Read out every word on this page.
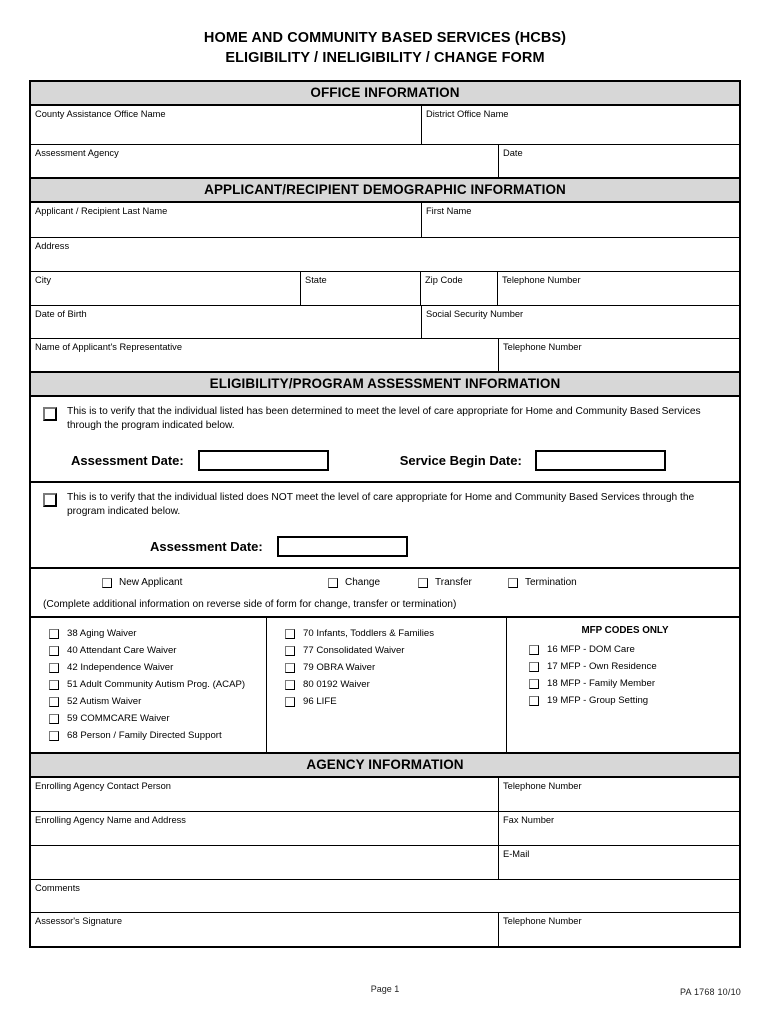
HOME AND COMMUNITY BASED SERVICES (HCBS)
ELIGIBILITY / INELIGIBILITY / CHANGE FORM
OFFICE INFORMATION
County Assistance Office Name	District Office Name
Assessment Agency	Date
APPLICANT/RECIPIENT DEMOGRAPHIC INFORMATION
Applicant / Recipient Last Name	First Name
Address
City	State	Zip Code	Telephone Number
Date of Birth	Social Security Number
Name of Applicant's Representative	Telephone Number
ELIGIBILITY/PROGRAM ASSESSMENT INFORMATION
This is to verify that the individual listed has been determined to meet the level of care appropriate for Home and Community Based Services through the program indicated below.
Assessment Date:	Service Begin Date:
This is to verify that the individual listed does NOT meet the level of care appropriate for Home and Community Based Services through the program indicated below.
Assessment Date:
New Applicant	Change	Transfer	Termination
(Complete additional information on reverse side of form for change, transfer or termination)
38 Aging Waiver
40 Attendant Care Waiver
42 Independence Waiver
51 Adult Community Autism Prog. (ACAP)
52 Autism Waiver
59 COMMCARE Waiver
68 Person / Family Directed Support
70 Infants, Toddlers & Families
77 Consolidated Waiver
79 OBRA Waiver
80 0192 Waiver
96 LIFE
MFP CODES ONLY
16 MFP - DOM Care
17 MFP - Own Residence
18 MFP - Family Member
19 MFP - Group Setting
AGENCY INFORMATION
Enrolling Agency Contact Person	Telephone Number
Enrolling Agency Name and Address	Fax Number
E-Mail
Comments
Assessor's Signature	Telephone Number
Page 1	PA 1768 10/10
